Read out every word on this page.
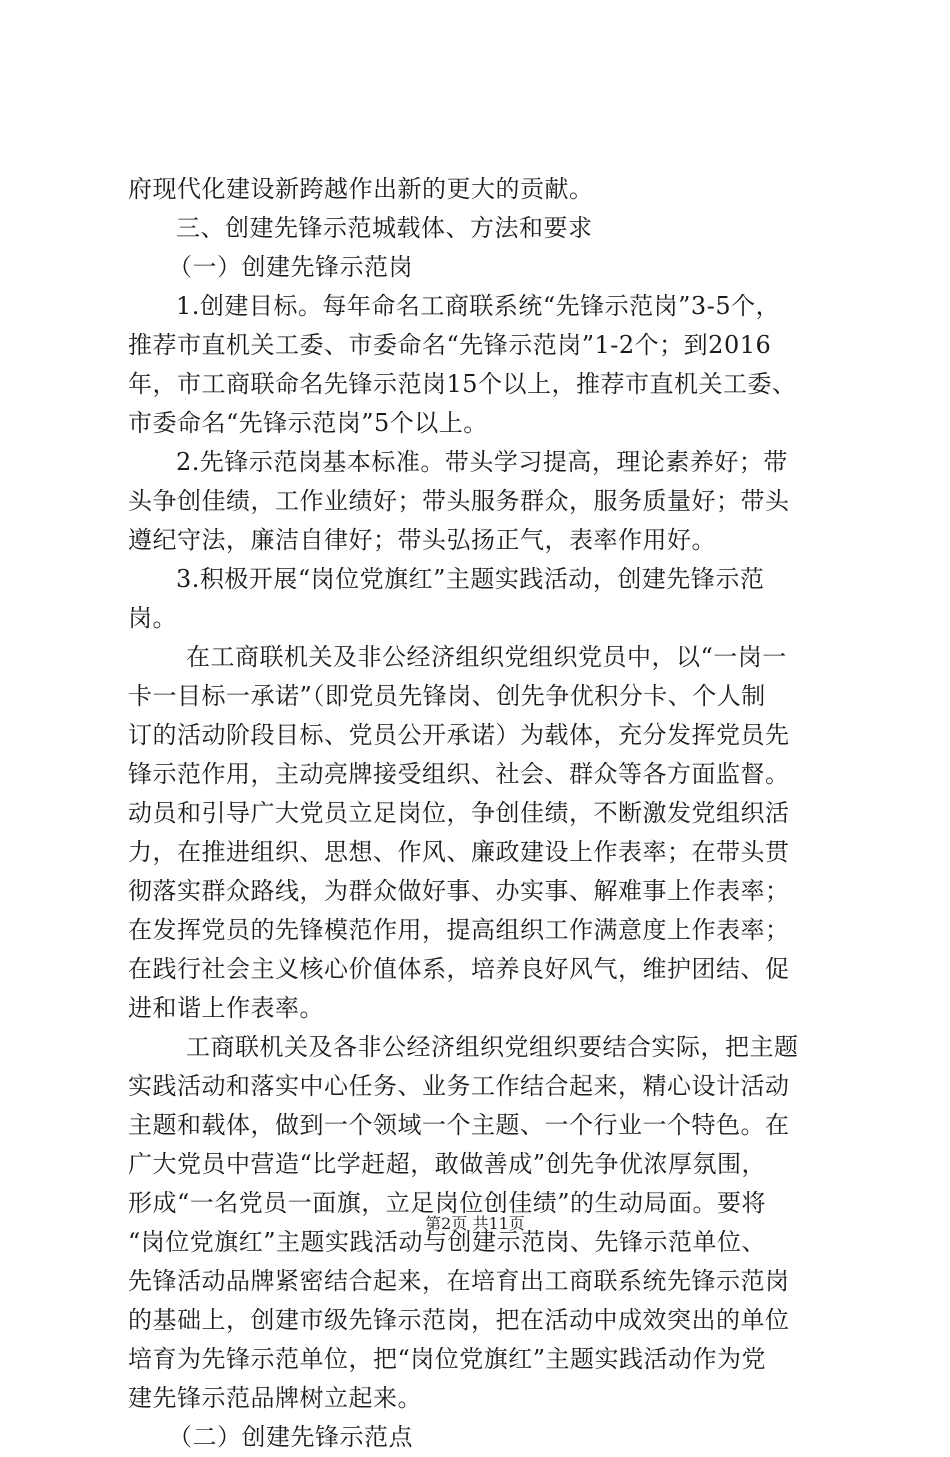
府现代化建设新跨越作出新的更大的贡献。
三、创建先锋示范城载体、方法和要求
（一）创建先锋示范岗
1.创建目标。每年命名工商联系统“先锋示范岗”3-5个，
推荐市直机关工委、市委命名“先锋示范岗”1-2个；到2016
年，市工商联命名先锋示范岗15个以上，推荐市直机关工委、
市委命名“先锋示范岗”5个以上。
2.先锋示范岗基本标准。带头学习提高，理论素养好；带
头争创佳绩，工作业绩好；带头服务群众，服务质量好；带头
遵纪守法，廉洁自律好；带头弘扬正气，表率作用好。
3.积极开展“岗位党旗红”主题实践活动，创建先锋示范
岗。
在工商联机关及非公经济组织党组织党员中，以“一岗一
卡一目标一承诺”（即党员先锋岗、创先争优积分卡、个人制
订的活动阶段目标、党员公开承诺）为载体，充分发挥党员先
锋示范作用，主动亮牌接受组织、社会、群众等各方面监督。
动员和引导广大党员立足岗位，争创佳绩，不断激发党组织活
力，在推进组织、思想、作风、廉政建设上作表率；在带头贯
彻落实群众路线，为群众做好事、办实事、解难事上作表率；
在发挥党员的先锋模范作用，提高组织工作满意度上作表率；
在践行社会主义核心价值体系，培养良好风气，维护团结、促
进和谐上作表率。
工商联机关及各非公经济组织党组织要结合实际，把主题
实践活动和落实中心任务、业务工作结合起来，精心设计活动
主题和载体，做到一个领域一个主题、一个行业一个特色。在
广大党员中营造“比学赶超，敢做善成”创先争优浓厚氛围，
形成“一名党员一面旗，立足岗位创佳绩”的生动局面。要将
“岗位党旗红”主题实践活动与创建示范岗、先锋示范单位、
先锋活动品牌紧密结合起来，在培育出工商联系统先锋示范岗
的基础上，创建市级先锋示范岗，把在活动中成效突出的单位
培育为先锋示范单位，把“岗位党旗红”主题实践活动作为党
建先锋示范品牌树立起来。
（二）创建先锋示范点
第2页 共11页
